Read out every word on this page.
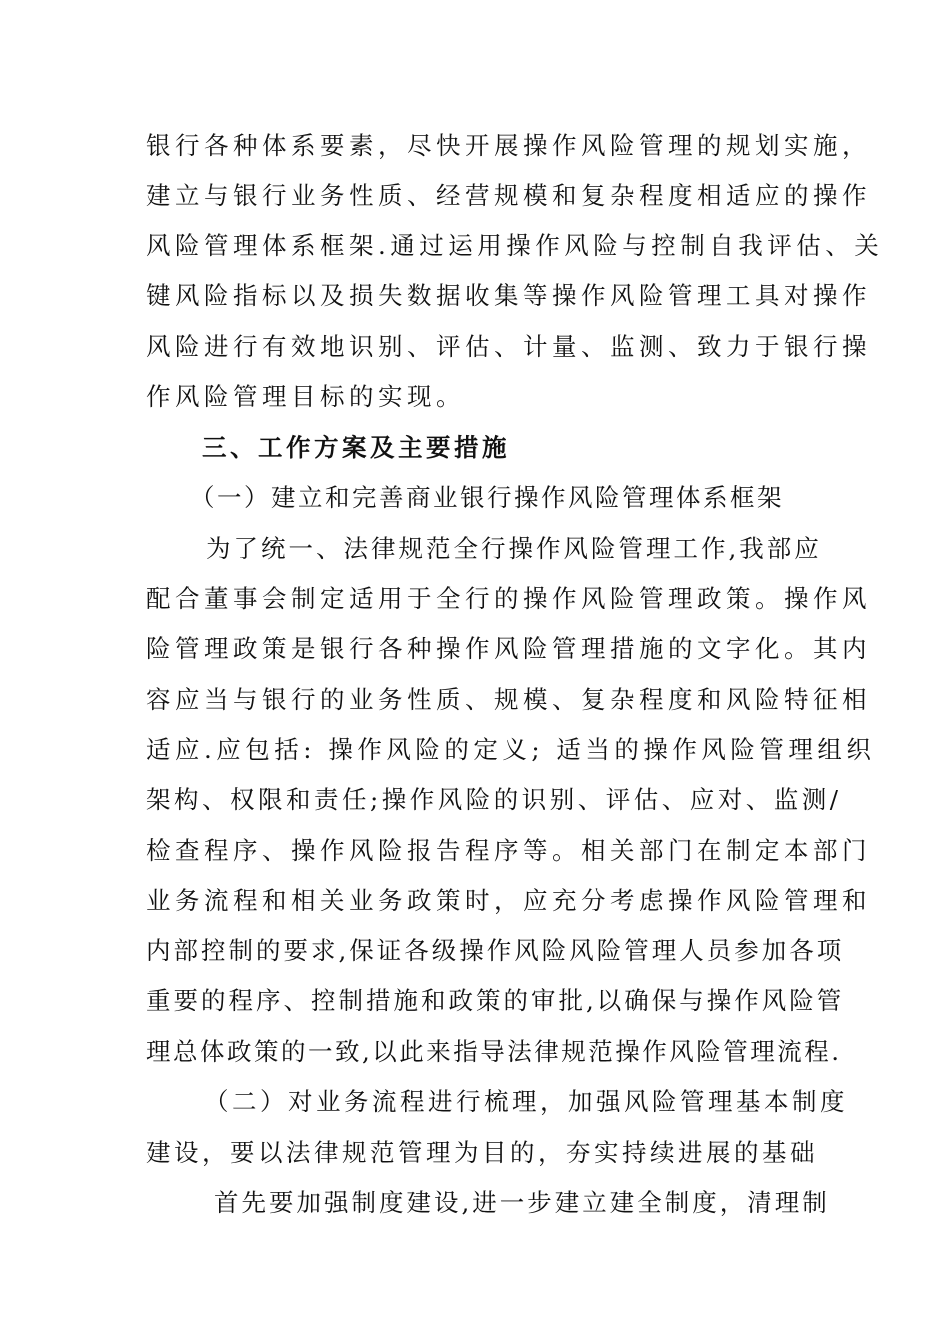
银行各种体系要素，尽快开展操作风险管理的规划实施，
建立与银行业务性质、经营规模和复杂程度相适应的操作
风险管理体系框架.通过运用操作风险与控制自我评估、关
键风险指标以及损失数据收集等操作风险管理工具对操作
风险进行有效地识别、评估、计量、监测、致力于银行操
作风险管理目标的实现。
三、工作方案及主要措施
（一）建立和完善商业银行操作风险管理体系框架
为了统一、法律规范全行操作风险管理工作,我部应
配合董事会制定适用于全行的操作风险管理政策。操作风
险管理政策是银行各种操作风险管理措施的文字化。其内
容应当与银行的业务性质、规模、复杂程度和风险特征相
适应.应包括: 操作风险的定义; 适当的操作风险管理组织
架构、权限和责任;操作风险的识别、评估、应对、监测/
检查程序、操作风险报告程序等。相关部门在制定本部门
业务流程和相关业务政策时，应充分考虑操作风险管理和
内部控制的要求,保证各级操作风险风险管理人员参加各项
重要的程序、控制措施和政策的审批,以确保与操作风险管
理总体政策的一致,以此来指导法律规范操作风险管理流程.
（二）对业务流程进行梳理，加强风险管理基本制度
建设，要以法律规范管理为目的，夯实持续进展的基础
首先要加强制度建设,进一步建立建全制度，清理制
